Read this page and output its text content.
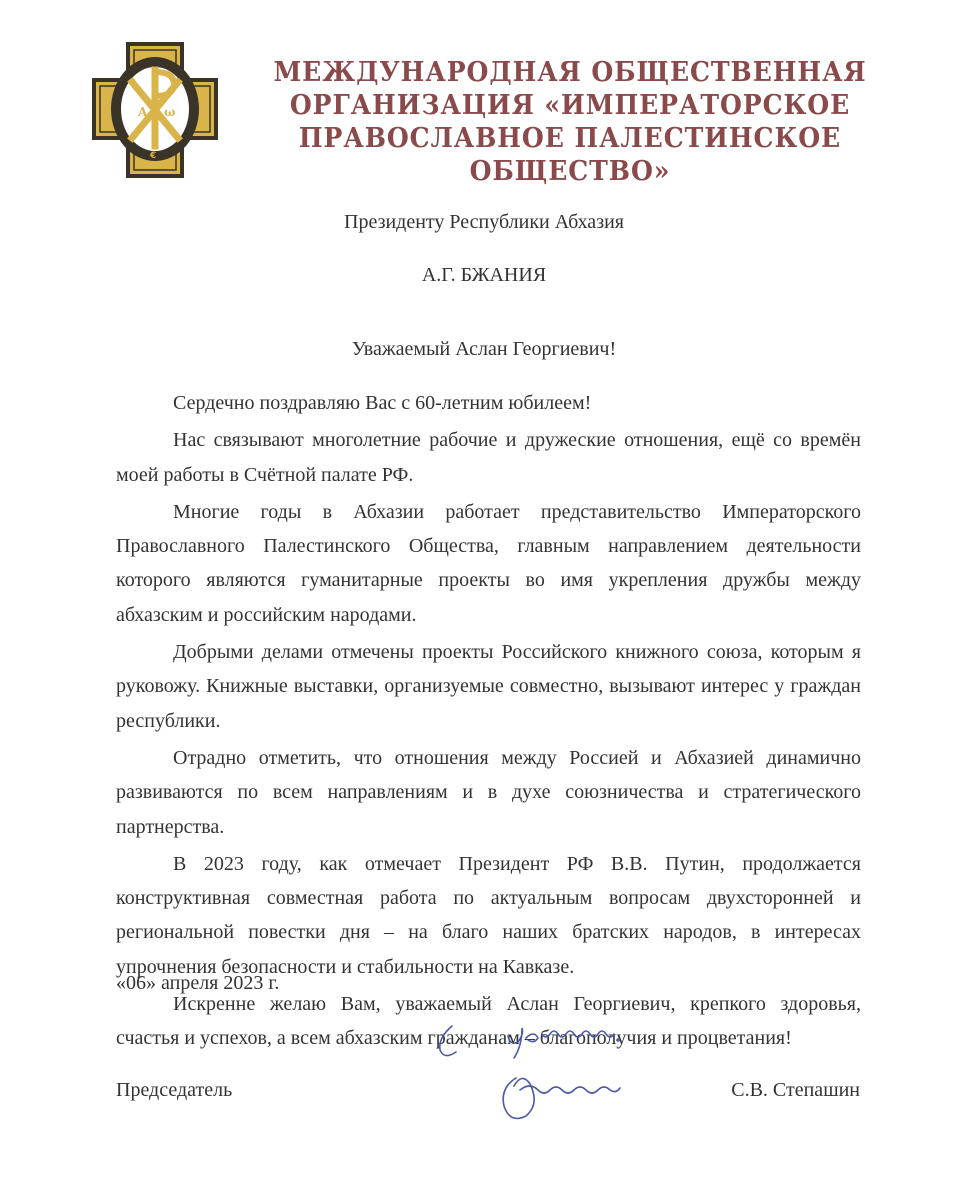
A ω
€
МЕЖДУНАРОДНАЯ ОБЩЕСТВЕННАЯ
ОРГАНИЗАЦИЯ «ИМПЕРАТОРСКОЕ
ПРАВОСЛАВНОЕ ПАЛЕСТИНСКОЕ ОБЩЕСТВО»
Президенту Республики Абхазия
А.Г. БЖАНИЯ
Уважаемый Аслан Георгиевич!

Сердечно поздравляю Вас с 60-летним юбилеем!

Нас связывают многолетние рабочие и дружеские отношения, ещё со времён моей работы в Счётной палате РФ.

Многие годы в Абхазии работает представительство Императорского Православного Палестинского Общества, главным направлением деятельности которого являются гуманитарные проекты во имя укрепления дружбы между абхазским и российским народами.

Добрыми делами отмечены проекты Российского книжного союза, которым я руковожу. Книжные выставки, организуемые совместно, вызывают интерес у граждан республики.

Отрадно отметить, что отношения между Россией и Абхазией динамично развиваются по всем направлениям и в духе союзничества и стратегического партнерства.

В 2023 году, как отмечает Президент РФ В.В. Путин, продолжается конструктивная совместная работа по актуальным вопросам двухсторонней и региональной повестки дня – на благо наших братских народов, в интересах упрочнения безопасности и стабильности на Кавказе.

Искренне желаю Вам, уважаемый Аслан Георгиевич, крепкого здоровья, счастья и успехов, а всем абхазским гражданам – благополучия и процветания!

«06» апреля 2023 г.
Председатель	С.В. Степашин
